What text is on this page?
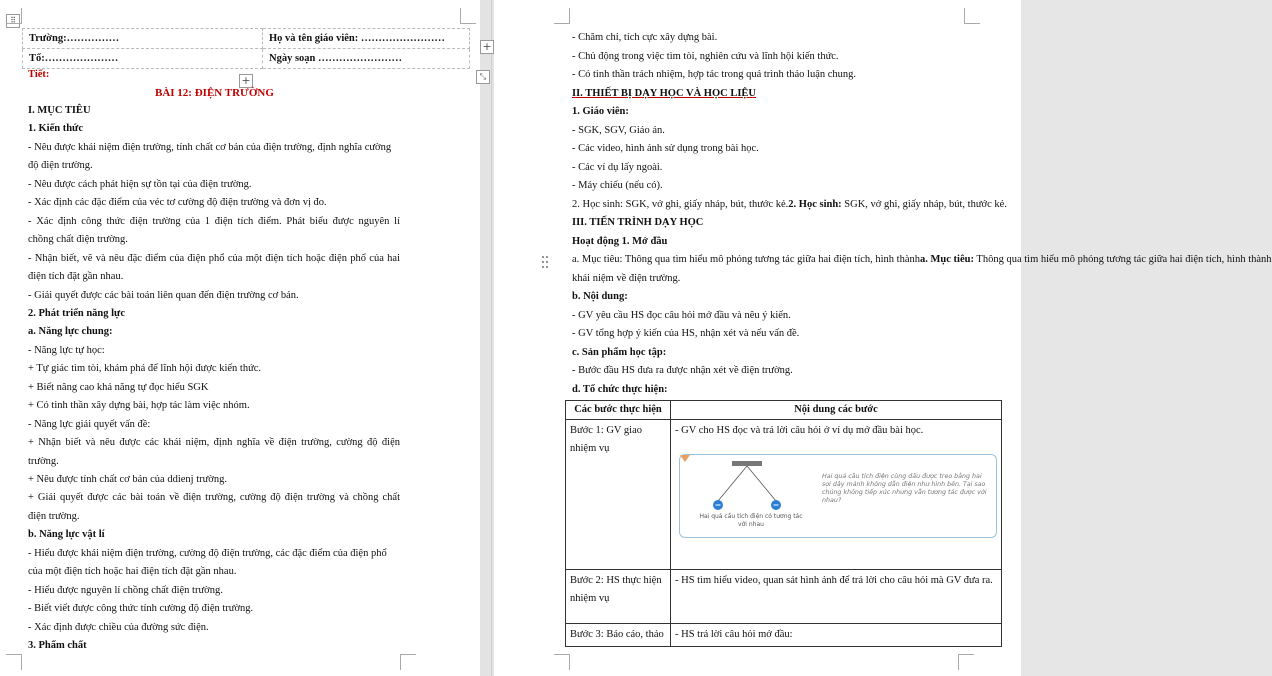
⠿
Trường:……………	Họ và tên giáo viên: ……………………
Tổ:…………………	Ngày soạn ……………………
+
+	⤡
Tiết:
BÀI 12: ĐIỆN TRƯỜNG
I. MỤC TIÊU
1. Kiến thức
- Nêu được khái niệm điện trường, tính chất cơ bản của điện trường, định nghĩa cường
độ điện trường.
- Nêu được cách phát hiện sự tồn tại của điện trường.
- Xác định các đặc điểm của véc tơ cường độ điện trường và đơn vị đo.
- Xác định công thức điện trường của 1 điện tích điểm. Phát biểu được nguyên lí
chồng chất điện trường.
- Nhận biết, vẽ và nêu đặc điểm của điện phổ của một điện tích hoặc điện phổ của hai
điện tích đặt gần nhau.
- Giải quyết được các bài toán liên quan đến điện trường cơ bản.
2. Phát triển năng lực
a. Năng lực chung:
- Năng lực tự học:
+ Tự giác tìm tòi, khám phá để lĩnh hội được kiến thức.
+ Biết nâng cao khả năng tự đọc hiểu SGK
+ Có tinh thần xây dựng bài, hợp tác làm việc nhóm.
- Năng lực giải quyết vấn đề:
+ Nhận biết và nêu được các khái niệm, định nghĩa về điện trường, cường độ điện
trường.
+ Nêu được tính chất cơ bản của ddienj trường.
+ Giải quyết được các bài toán về điện trường, cường độ điện trường và chồng chất
điện trường.
b. Năng lực vật lí
- Hiểu được khái niệm điện trường, cường độ điện trường, các đặc điểm của điện phổ
của một điện tích hoặc hai điện tích đặt gần nhau.
- Hiểu được nguyên lí chồng chất điện trường.
- Biết viết được công thức tính cường độ điện trường.
- Xác định được chiều của đường sức điện.
3. Phẩm chất
- Chăm chỉ, tích cực xây dựng bài.
- Chủ động trong việc tìm tòi, nghiên cứu và lĩnh hội kiến thức.
- Có tinh thần trách nhiệm, hợp tác trong quá trình thảo luận chung.
II. THIẾT BỊ DẠY HỌC VÀ HỌC LIỆU
1. Giáo viên:
- SGK, SGV, Giáo án.
- Các video, hình ảnh sử dụng trong bài học.
- Các ví dụ lấy ngoài.
- Máy chiếu (nếu có).
2. Học sinh: SGK, vở ghi, giấy nháp, bút, thước kẻ.2. Học sinh: SGK, vở ghi, giấy nháp, bút, thước kẻ.
III. TIẾN TRÌNH DẠY HỌC
Hoạt động 1. Mở đầu
a. Mục tiêu: Thông qua tìm hiểu mô phỏng tương tác giữa hai điện tích, hình thànha. Mục tiêu: Thông qua tìm hiểu mô phỏng tương tác giữa hai điện tích, hình thành
khái niệm về điện trường.
b. Nội dung:
- GV yêu cầu HS đọc câu hỏi mở đầu và nêu ý kiến.
- GV tổng hợp ý kiến của HS, nhận xét và nếu vấn đề.
c. Sản phẩm học tập:
- Bước đầu HS đưa ra được nhận xét về điện trường.
d. Tổ chức thực hiện:
Các bước thực hiện	Nội dung các bước
Bước 1: GV giao nhiệm vụ	- GV cho HS đọc và trả lời câu hỏi ở ví dụ mở đầu bài học.
Hai quả cầu tích điện có tương tác với nhau
Hai quả cầu tích điện cùng dấu được treo bằng hai sợi dây mảnh không dẫn điện như hình bên. Tại sao chúng không tiếp xúc nhưng vẫn tương tác được với nhau?

Bước 2: HS thực hiện nhiệm vụ	- HS tìm hiểu video, quan sát hình ảnh để trả lời cho câu hỏi mà GV đưa ra.
Bước 3: Báo cáo, thảo	- HS trả lời câu hỏi mở đầu:
